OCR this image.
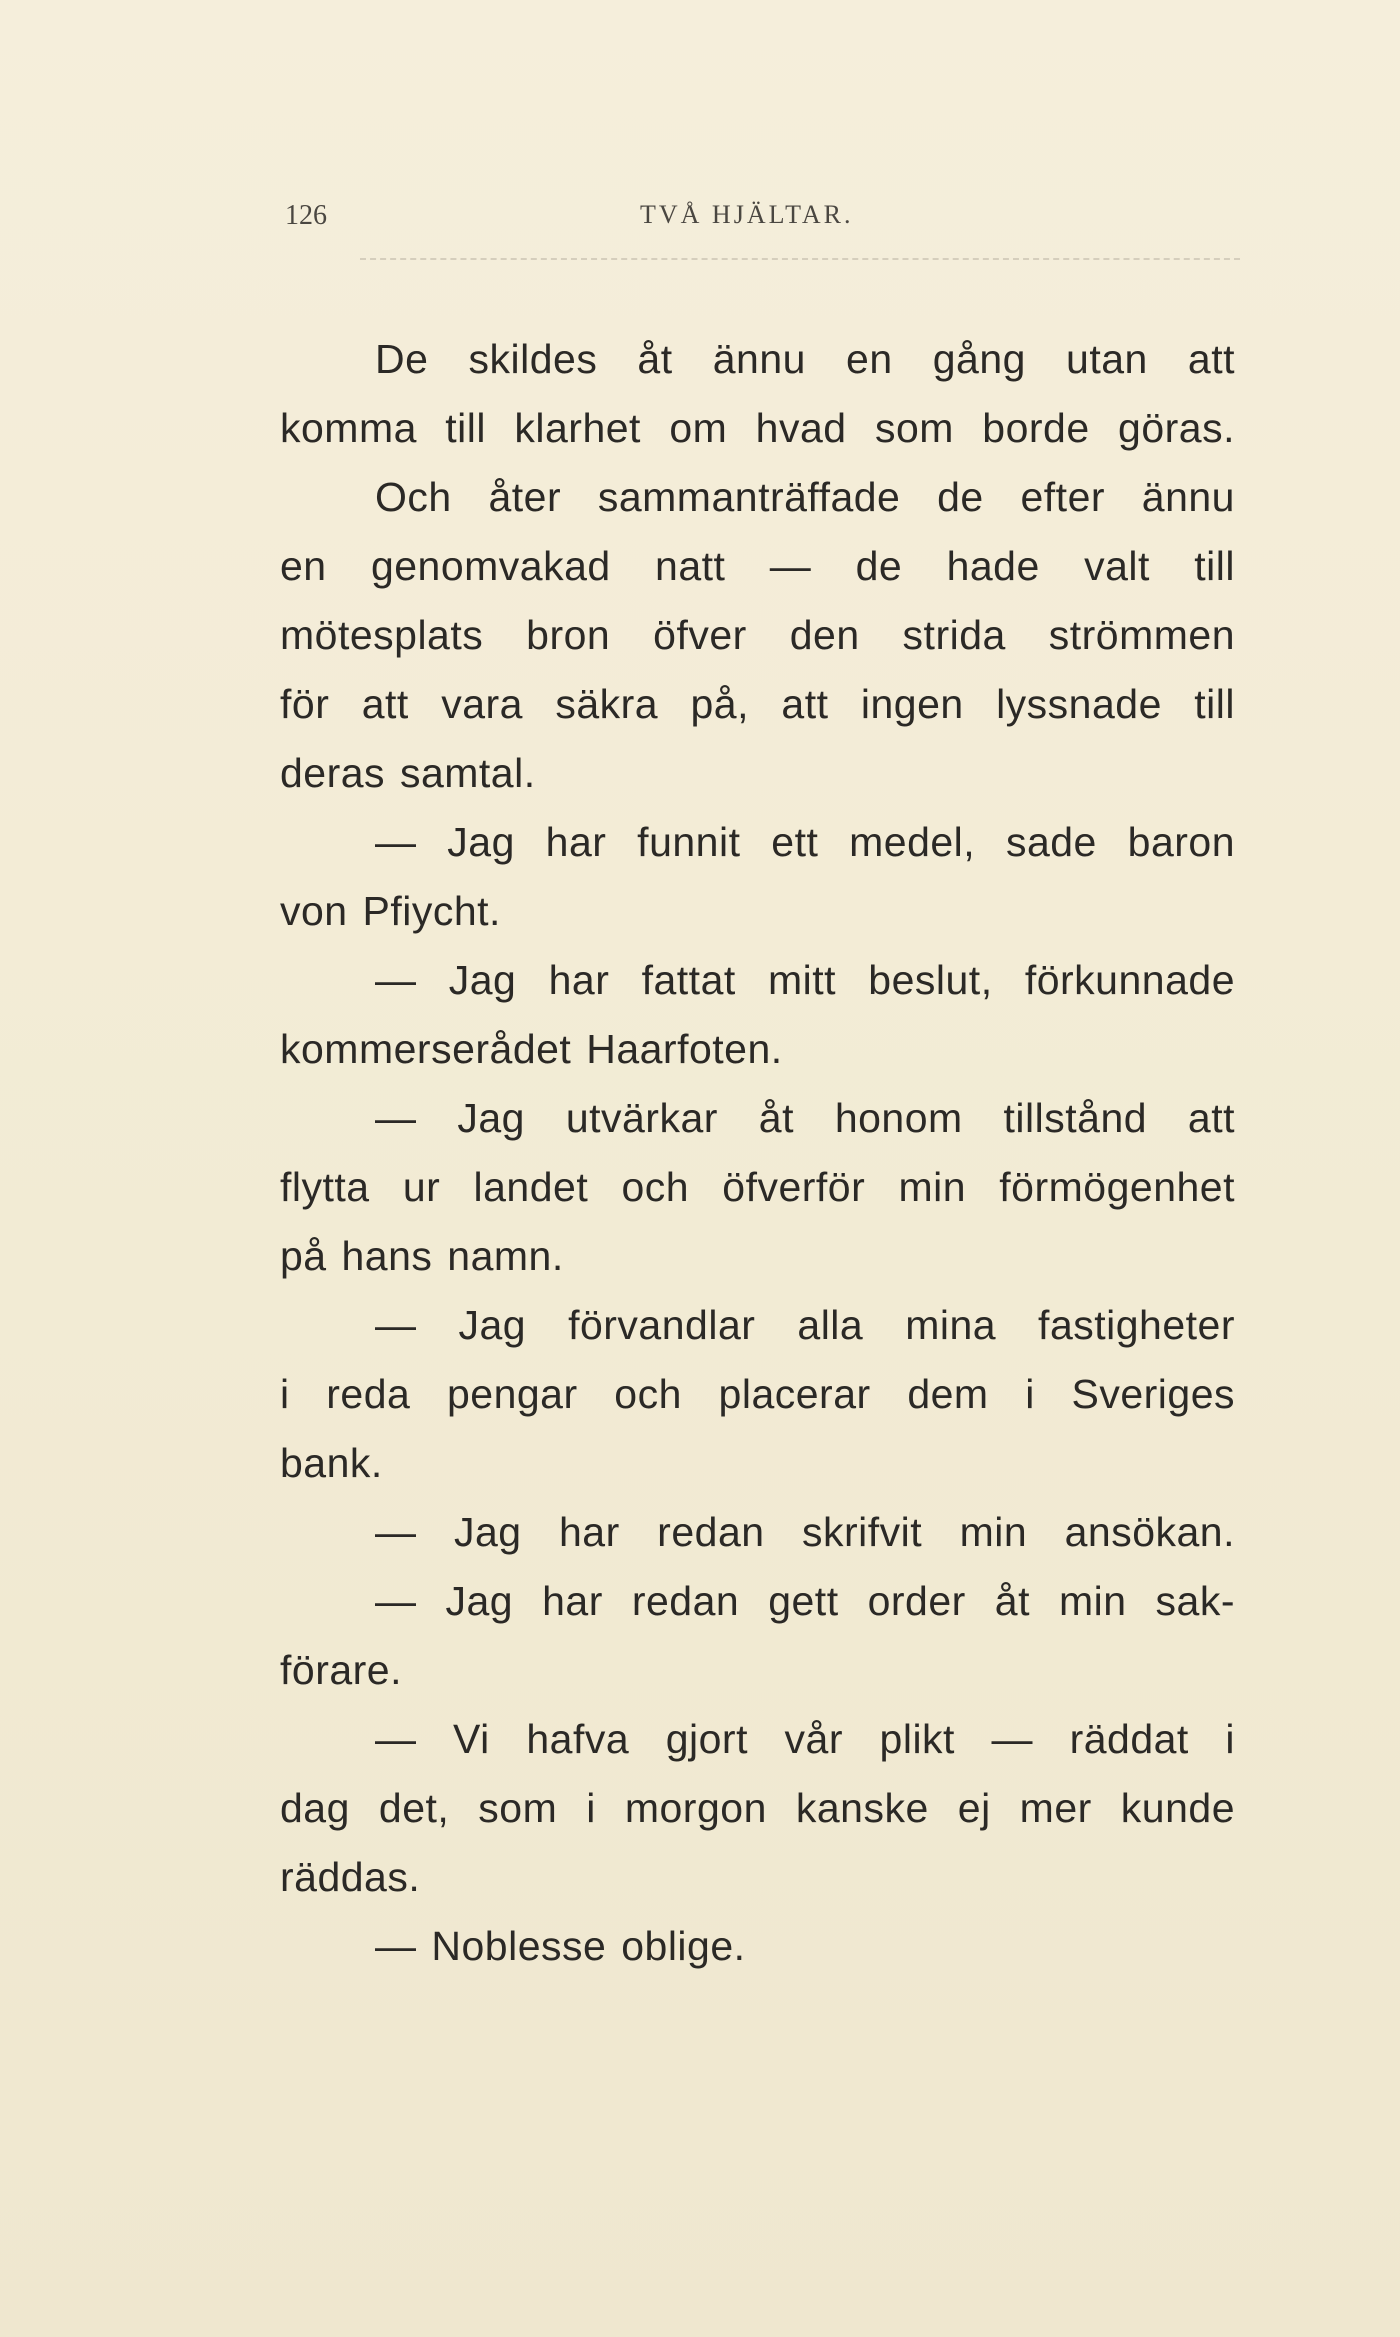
126	TVÅ HJÄLTAR.
De skildes åt ännu en gång utan att
komma till klarhet om hvad som borde göras.
Och åter sammanträffade de efter ännu
en genomvakad natt — de hade valt till
mötesplats bron öfver den strida strömmen
för att vara säkra på, att ingen lyssnade till
deras samtal.
— Jag har funnit ett medel, sade baron
von Pfiycht.
— Jag har fattat mitt beslut, förkunnade
kommerserådet Haarfoten.
— Jag utvärkar åt honom tillstånd att
flytta ur landet och öfverför min förmögenhet
på hans namn.
— Jag förvandlar alla mina fastigheter
i reda pengar och placerar dem i Sveriges
bank.
— Jag har redan skrifvit min ansökan.
— Jag har redan gett order åt min sak-
förare.
— Vi hafva gjort vår plikt — räddat i
dag det, som i morgon kanske ej mer kunde
räddas.
— Noblesse oblige.
